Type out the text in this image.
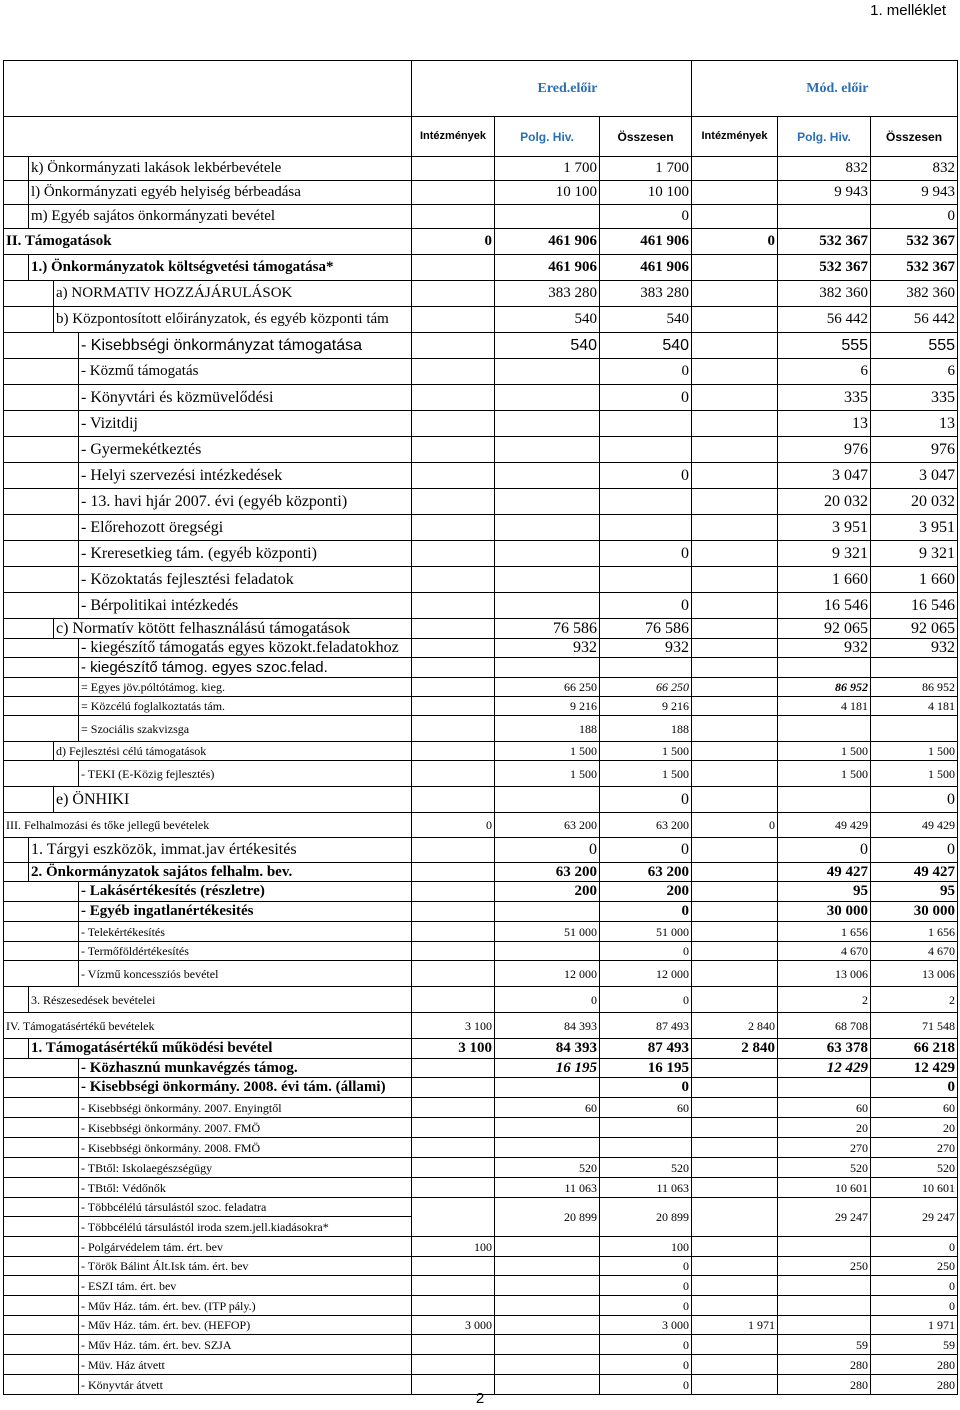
1. melléklet
				Ered.előir			Mód. előir		
				Intézmények	Polg. Hiv.	Összesen	Intézmények	Polg. Hiv.	Összesen
	k) Önkormányzati lakások lekbérbevétele				1 700	1 700		832	832
	l) Önkormányzati egyéb helyiség bérbeadása				10 100	10 100		9 943	9 943
	m) Egyéb sajátos önkormányzati bevétel					0			0
II. Támogatások				0	461 906	461 906	0	532 367	532 367
	1.) Önkormányzatok költségvetési támogatása*				461 906	461 906		532 367	532 367
		a) NORMATIV HOZZÁJÁRULÁSOK			383 280	383 280		382 360	382 360
		b) Központosított előirányzatok, és egyéb központi tám			540	540		56 442	56 442
			- Kisebbségi önkormányzat támogatása		540	540		555	555
			- Közmű támogatás			0		6	6
			- Könyvtári és közmüvelődési			0		335	335
			- Vizitdij					13	13
			- Gyermekétkeztés					976	976
			- Helyi szervezési intézkedések			0		3 047	3 047
			- 13. havi hjár 2007. évi (egyéb központi)					20 032	20 032
			- Előrehozott öregségi					3 951	3 951
			- Kreresetkieg tám. (egyéb központi)			0		9 321	9 321
			- Közoktatás fejlesztési feladatok					1 660	1 660
			- Bérpolitikai intézkedés			0		16 546	16 546
		c) Normatív kötött felhasználású támogatások			76 586	76 586		92 065	92 065
			- kiegészítő támogatás egyes közokt.feladatokhoz		932	932		932	932
			- kiegészítő támog. egyes szoc.felad.						
			= Egyes jöv.póltótámog. kieg.		66 250	66 250		86 952	86 952
			= Közcélú foglalkoztatás tám.		9 216	9 216		4 181	4 181
			= Szociális szakvizsga		188	188			
		d) Fejlesztési célú támogatások			1 500	1 500		1 500	1 500
			- TEKI (E-Közig fejlesztés)		1 500	1 500		1 500	1 500
		e) ÖNHIKI				0			0
III. Felhalmozási és tőke jellegű bevételek				0	63 200	63 200	0	49 429	49 429
	1. Tárgyi eszközök, immat.jav értékesités				0	0		0	0
	2. Önkormányzatok sajátos felhalm. bev.				63 200	63 200		49 427	49 427
			- Lakásértékesítés (részletre)		200	200		95	95
			- Egyéb ingatlanértékesités			0		30 000	30 000
			- Telekértékesítés		51 000	51 000		1 656	1 656
			- Termőföldértékesítés			0		4 670	4 670
			- Vízmű koncessziós bevétel		12 000	12 000		13 006	13 006
	3. Részesedések bevételei				0	0		2	2
IV. Támogatásértékű bevételek				3 100	84 393	87 493	2 840	68 708	71 548
	1. Támogatásértékű működési bevétel			3 100	84 393	87 493	2 840	63 378	66 218
			- Közhasznú munkavégzés támog.		16 195	16 195		12 429	12 429
			- Kisebbségi önkormány. 2008. évi tám. (állami)			0			0
			- Kisebbségi önkormány. 2007. Enyingtől		60	60		60	60
			- Kisebbségi önkormány. 2007. FMÖ					20	20
			- Kisebbségi önkormány. 2008. FMÖ					270	270
			- TBtől: Iskolaegészségügy		520	520		520	520
			- TBtől: Védőnők		11 063	11 063		10 601	10 601
			- Többcélélú társulástól szoc. feladatra		20 899	20 899		29 247	29 247
			- Többcélélú társulástól iroda szem.jell.kiadásokra*						
			- Polgárvédelem tám. ért. bev	100		100			0
			- Török Bálint Ált.Isk tám. ért. bev			0		250	250
			- ESZI tám. ért. bev			0			0
			- Műv Ház. tám. ért. bev. (ITP pály.)			0			0
			- Műv Ház. tám. ért. bev. (HEFOP)	3 000		3 000	1 971		1 971
			- Műv Ház. tám. ért. bev. SZJA			0		59	59
			- Müv. Ház átvett			0		280	280
			- Könyvtár átvett			0		280	280
2
